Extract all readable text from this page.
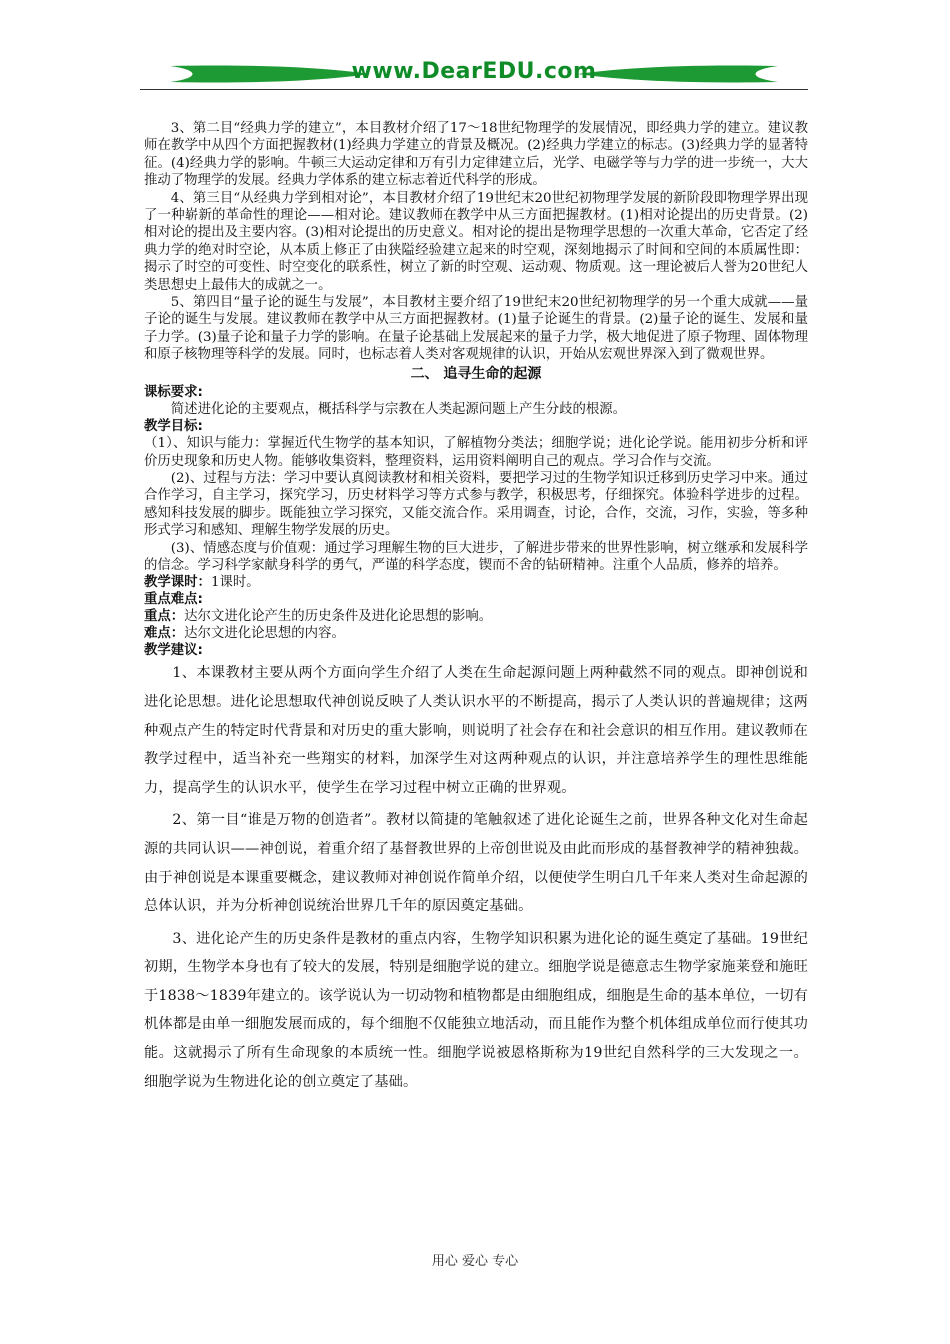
www.DearEDU.com

3、第二目“经典力学的建立”，本目教材介绍了17～18世纪物理学的发展情况，即经典力学的建立。建议教师在教学中从四个方面把握教材(1)经典力学建立的背景及概况。(2)经典力学建立的标志。(3)经典力学的显著特征。(4)经典力学的影响。牛顿三大运动定律和万有引力定律建立后，光学、电磁学等与力学的进一步统一，大大推动了物理学的发展。经典力学体系的建立标志着近代科学的形成。

4、第三目“从经典力学到相对论”，本目教材介绍了19世纪末20世纪初物理学发展的新阶段即物理学界出现了一种崭新的革命性的理论——相对论。建议教师在教学中从三方面把握教材。(1)相对论提出的历史背景。(2)相对论的提出及主要内容。(3)相对论提出的历史意义。相对论的提出是物理学思想的一次重大革命，它否定了经典力学的绝对时空论，从本质上修正了由狭隘经验建立起来的时空观，深刻地揭示了时间和空间的本质属性即：揭示了时空的可变性、时空变化的联系性，树立了新的时空观、运动观、物质观。这一理论被后人誉为20世纪人类思想史上最伟大的成就之一。

5、第四目“量子论的诞生与发展”，本目教材主要介绍了19世纪末20世纪初物理学的另一个重大成就——量子论的诞生与发展。建议教师在教学中从三方面把握教材。(1)量子论诞生的背景。(2)量子论的诞生、发展和量子力学。(3)量子论和量子力学的影响。在量子论基础上发展起来的量子力学，极大地促进了原子物理、固体物理和原子核物理等科学的发展。同时，也标志着人类对客观规律的认识，开始从宏观世界深入到了微观世界。

二、 追寻生命的起源

课标要求:

简述进化论的主要观点，概括科学与宗教在人类起源问题上产生分歧的根源。

教学目标:

（1）、知识与能力：掌握近代生物学的基本知识，了解植物分类法；细胞学说；进化论学说。能用初步分析和评价历史现象和历史人物。能够收集资料，整理资料，运用资料阐明自己的观点。学习合作与交流。

(2)、过程与方法：学习中要认真阅读教材和相关资料，要把学习过的生物学知识迁移到历史学习中来。通过合作学习，自主学习，探究学习，历史材料学习等方式参与教学，积极思考，仔细探究。体验科学进步的过程。感知科技发展的脚步。既能独立学习探究，又能交流合作。采用调查，讨论，合作，交流，习作，实验，等多种形式学习和感知、理解生物学发展的历史。

(3)、情感态度与价值观：通过学习理解生物的巨大进步，了解进步带来的世界性影响，树立继承和发展科学的信念。学习科学家献身科学的勇气，严谨的科学态度，锲而不舍的钻研精神。注重个人品质，修养的培养。

教学课时：1课时。

重点难点:

重点：达尔文进化论产生的历史条件及进化论思想的影响。

难点：达尔文进化论思想的内容。

教学建议:

1、本课教材主要从两个方面向学生介绍了人类在生命起源问题上两种截然不同的观点。即神创说和进化论思想。进化论思想取代神创说反映了人类认识水平的不断提高，揭示了人类认识的普遍规律；这两种观点产生的特定时代背景和对历史的重大影响，则说明了社会存在和社会意识的相互作用。建议教师在教学过程中，适当补充一些翔实的材料，加深学生对这两种观点的认识，并注意培养学生的理性思维能力，提高学生的认识水平，使学生在学习过程中树立正确的世界观。

2、第一目“谁是万物的创造者”。教材以简捷的笔触叙述了进化论诞生之前，世界各种文化对生命起源的共同认识——神创说，着重介绍了基督教世界的上帝创世说及由此而形成的基督教神学的精神独裁。由于神创说是本课重要概念，建议教师对神创说作简单介绍，以便使学生明白几千年来人类对生命起源的总体认识，并为分析神创说统治世界几千年的原因奠定基础。

3、进化论产生的历史条件是教材的重点内容，生物学知识积累为进化论的诞生奠定了基础。19世纪初期，生物学本身也有了较大的发展，特别是细胞学说的建立。细胞学说是德意志生物学家施莱登和施旺于1838～1839年建立的。该学说认为一切动物和植物都是由细胞组成，细胞是生命的基本单位，一切有机体都是由单一细胞发展而成的，每个细胞不仅能独立地活动，而且能作为整个机体组成单位而行使其功能。这就揭示了所有生命现象的本质统一性。细胞学说被恩格斯称为19世纪自然科学的三大发现之一。细胞学说为生物进化论的创立奠定了基础。

用心 爱心 专心
